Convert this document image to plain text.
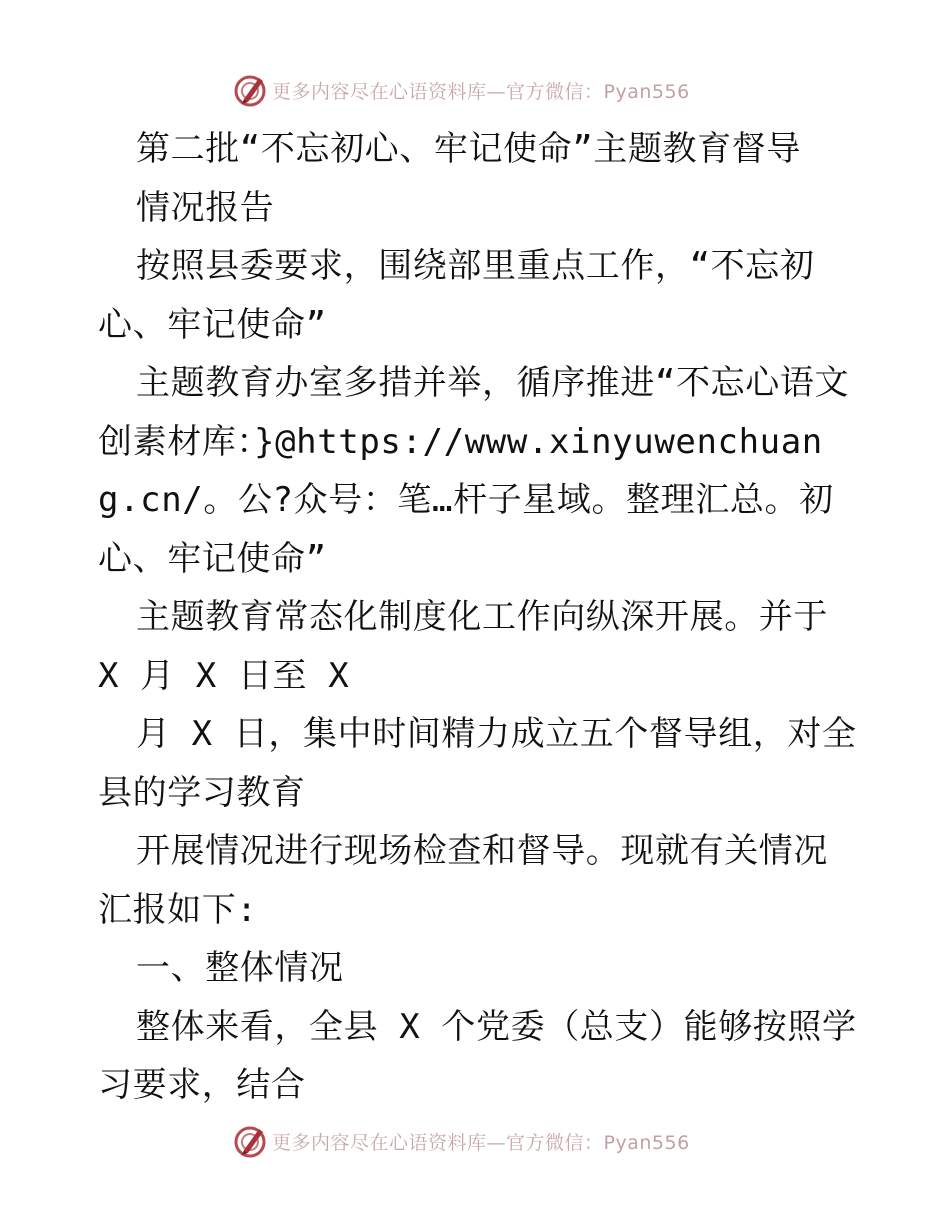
更多内容尽在心语资料库—官方微信：Pyan556

第二批“不忘初心、牢记使命”主题教育督导

情况报告

按照县委要求，围绕部里重点工作，“不忘初心、牢记使命”

主题教育办室多措并举，循序推进“不忘心语文创素材库：}@https://www.xinyuwenchuang.cn/。公?众号：笔…杆子星域。整理汇总。初心、牢记使命”

主题教育常态化制度化工作向纵深开展。并于 X 月 X 日至 X

月 X 日，集中时间精力成立五个督导组，对全县的学习教育

开展情况进行现场检查和督导。现就有关情况汇报如下:

一、整体情况

整体来看，全县 X 个党委（总支）能够按照学习要求，结合

更多内容尽在心语资料库—官方微信：Pyan556
